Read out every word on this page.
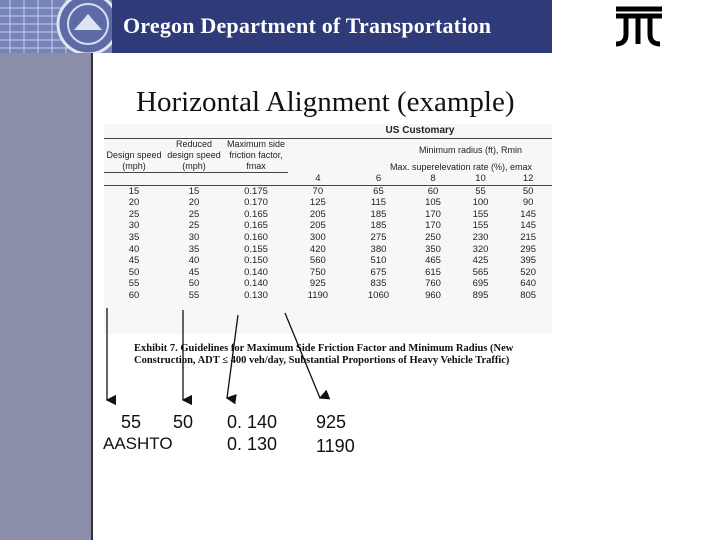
Oregon Department of Transportation
Horizontal Alignment (example)
			US Customary				
Design speed (mph)	Reduced design speed (mph)	Maximum side friction factor, fmax	Minimum radius (ft), Rmin				
			Max. superelevation rate (%), emax				
			4	6	8	10	12
15	15	0.175	70	65	60	55	50
20	20	0.170	125	115	105	100	90
25	25	0.165	205	185	170	155	145
30	25	0.165	205	185	170	155	145
35	30	0.160	300	275	250	230	215
40	35	0.155	420	380	350	320	295
45	40	0.150	560	510	465	425	395
50	45	0.140	750	675	615	565	520
55	50	0.140	925	835	760	695	640
60	55	0.130	1190	1060	960	895	805
Exhibit 7. Guidelines for Maximum Side Friction Factor and Minimum Radius (New Construction, ADT ≤ 400 veh/day, Substantial Proportions of Heavy Vehicle Traffic)
55 50
AASHTO
0. 140
0. 130
925
1190
